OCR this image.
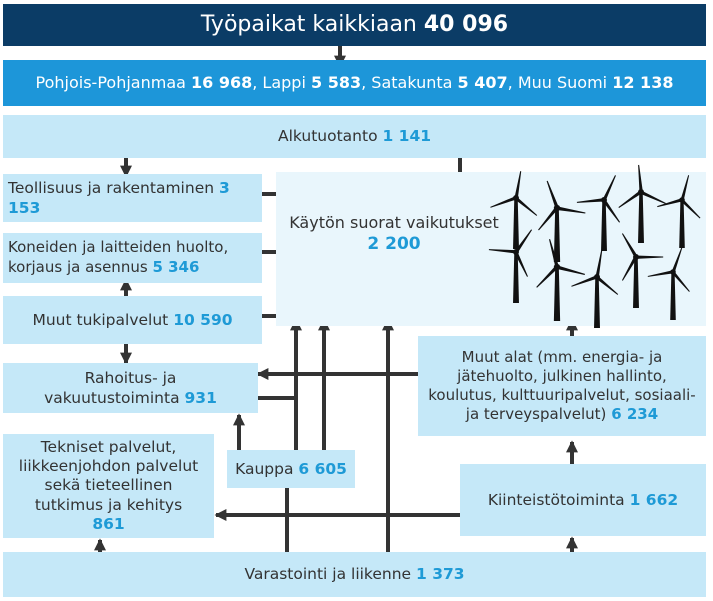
Työpaikat kaikkiaan
40 096
Pohjois-Pohjanmaa
16 968 , Lappi
5 583 , Satakunta
5 407 , Muu Suomi
12 138
Alkutuotanto
1 141
Teollisuus ja rakentaminen 3 153
Koneiden ja laitteiden huolto,
korjaus ja asennus 5 346
Muut tukipalvelut 10 590
Rahoitus- ja
vakuutustoiminta 931
Tekniset palvelut,
liikkeenjohdon palvelut
sekä tieteellinen
tutkimus ja kehitys
861
Kauppa 6 605
Käytön suorat vaikutukset
2 200
Muut alat (mm. energia- ja
jätehuolto, julkinen hallinto,
koulutus, kulttuuripalvelut, sosiaali-
ja terveyspalvelut) 6 234
Kiinteistötoiminta 1 662
Varastointi ja liikenne
1 373
